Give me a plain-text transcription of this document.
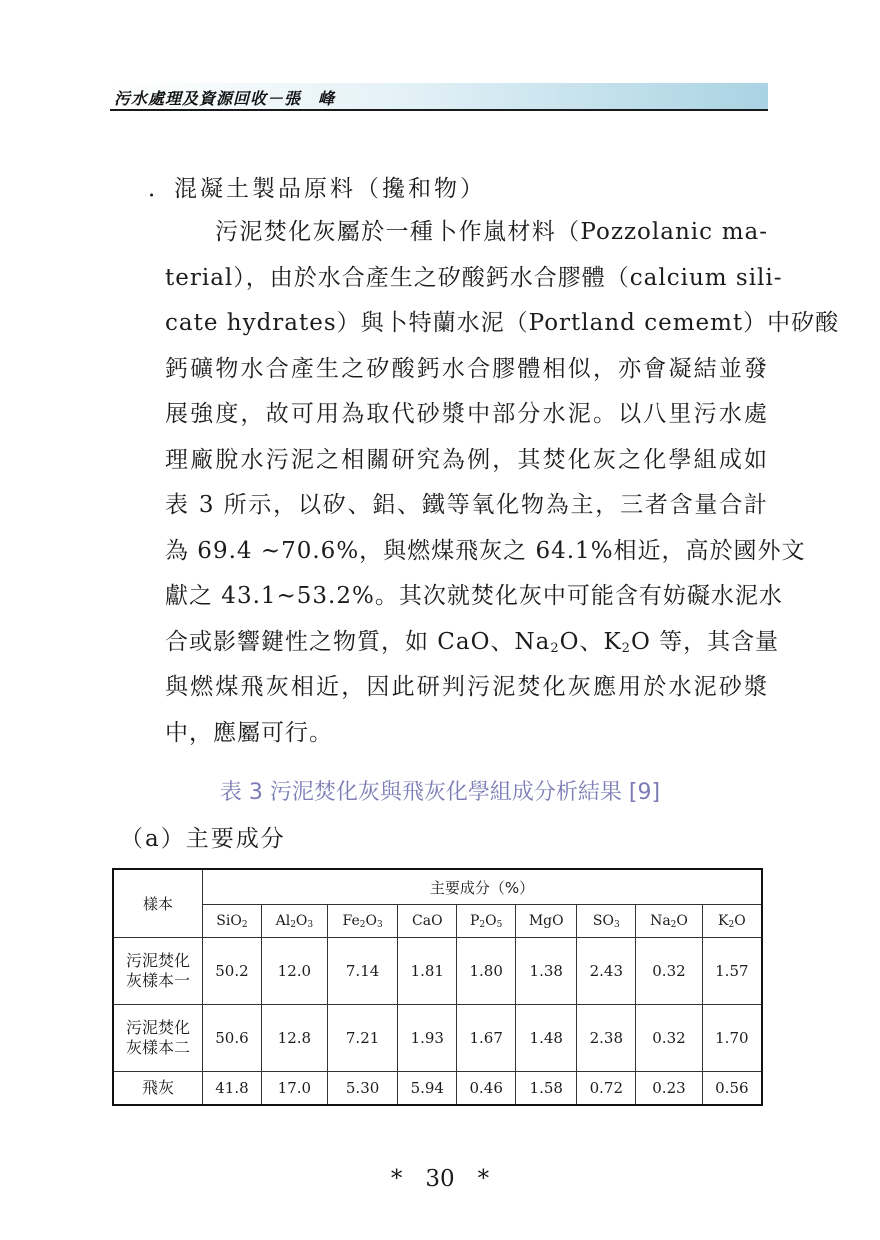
污水處理及資源回收－張　峰
．混凝土製品原料（攙和物）
污泥焚化灰屬於一種卜作嵐材料（Pozzolanic ma-
terial），由於水合產生之矽酸鈣水合膠體（calcium sili-
cate hydrates）與卜特蘭水泥（Portland cememt）中矽酸
鈣礦物水合產生之矽酸鈣水合膠體相似，亦會凝結並發
展強度，故可用為取代砂漿中部分水泥。以八里污水處
理廠脫水污泥之相關研究為例，其焚化灰之化學組成如
表 3 所示，以矽、鋁、鐵等氧化物為主，三者含量合計
為 69.4 ~70.6%，與燃煤飛灰之 64.1%相近，高於國外文
獻之 43.1~53.2%。其次就焚化灰中可能含有妨礙水泥水
合或影響鍵性之物質，如 CaO、$Na_2O$、$K_2O$ 等，其含量
與燃煤飛灰相近，因此研判污泥焚化灰應用於水泥砂漿
中，應屬可行。
表 3 污泥焚化灰與飛灰化學組成分析結果 [9]
（a）主要成分
樣本	主要成分（%）								
	SiO$_2$	$Al_2O_3$	$Fe_2O_3$	CaO	$P_2O_5$	MgO	$SO_3$	$Na_2O$	$K_2O$

污泥焚化
灰樣本一	50.2	12.0	7.14	1.81	1.80	1.38	2.43	0.32	1.57

污泥焚化
灰樣本二	50.6	12.8	7.21	1.93	1.67	1.48	2.38	0.32	1.70

飛灰	41.8	17.0	5.30	5.94	0.46	1.58	0.72	0.23	0.56
*　30　*
